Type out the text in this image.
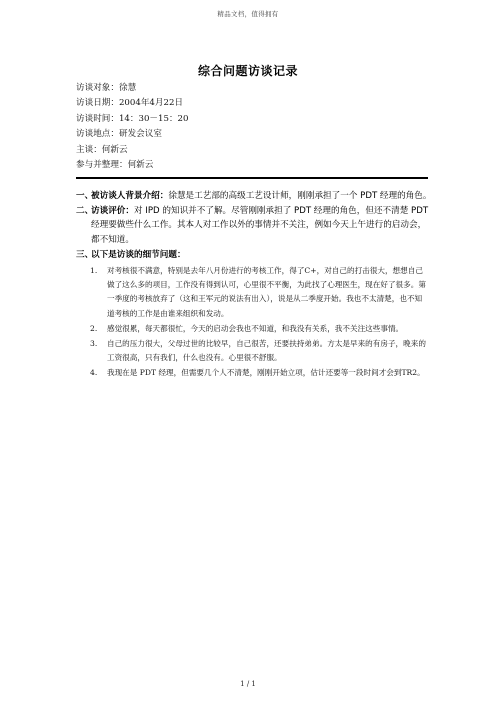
精品文档，值得拥有
综合问题访谈记录
访谈对象：徐慧
访谈日期：2004年4月22日
访谈时间：14：30－15：20
访谈地点：研发会议室
主谈：何新云
参与并整理：何新云
一、
被访谈人背景介绍：徐慧是工艺部的高级工艺设计师，刚刚承担了一个 PDT 经理的角色。
二、
访谈评价：对 IPD 的知识并不了解。尽管刚刚承担了 PDT 经理的角色，但还不清楚 PDT 经理要做些什么工作。其本人对工作以外的事情并不关注，例如今天上午进行的启动会，都不知道。
三、
以下是访谈的细节问题：
1. 对考核很不满意，特别是去年八月份进行的考核工作，得了C+，对自己的打击很大，想想自己做了这么多的项目，工作没有得到认可，心里很不平衡，为此找了心理医生，现在好了很多。第一季度的考核放弃了（这和王军元的说法有出入），说是从二季度开始。我也不太清楚，也不知道考核的工作是由谁来组织和发动。
2. 感觉很累，每天都很忙，今天的启动会我也不知道，和我没有关系，我不关注这些事情。
3. 自己的压力很大，父母过世的比较早，自己很苦，还要扶持弟弟。方太是早来的有房子，晚来的工资很高，只有我们，什么也没有。心里很不舒服。
4. 我现在是 PDT 经理，但需要几个人不清楚，刚刚开始立项，估计还要等一段时间才会到TR2。
1 / 1
